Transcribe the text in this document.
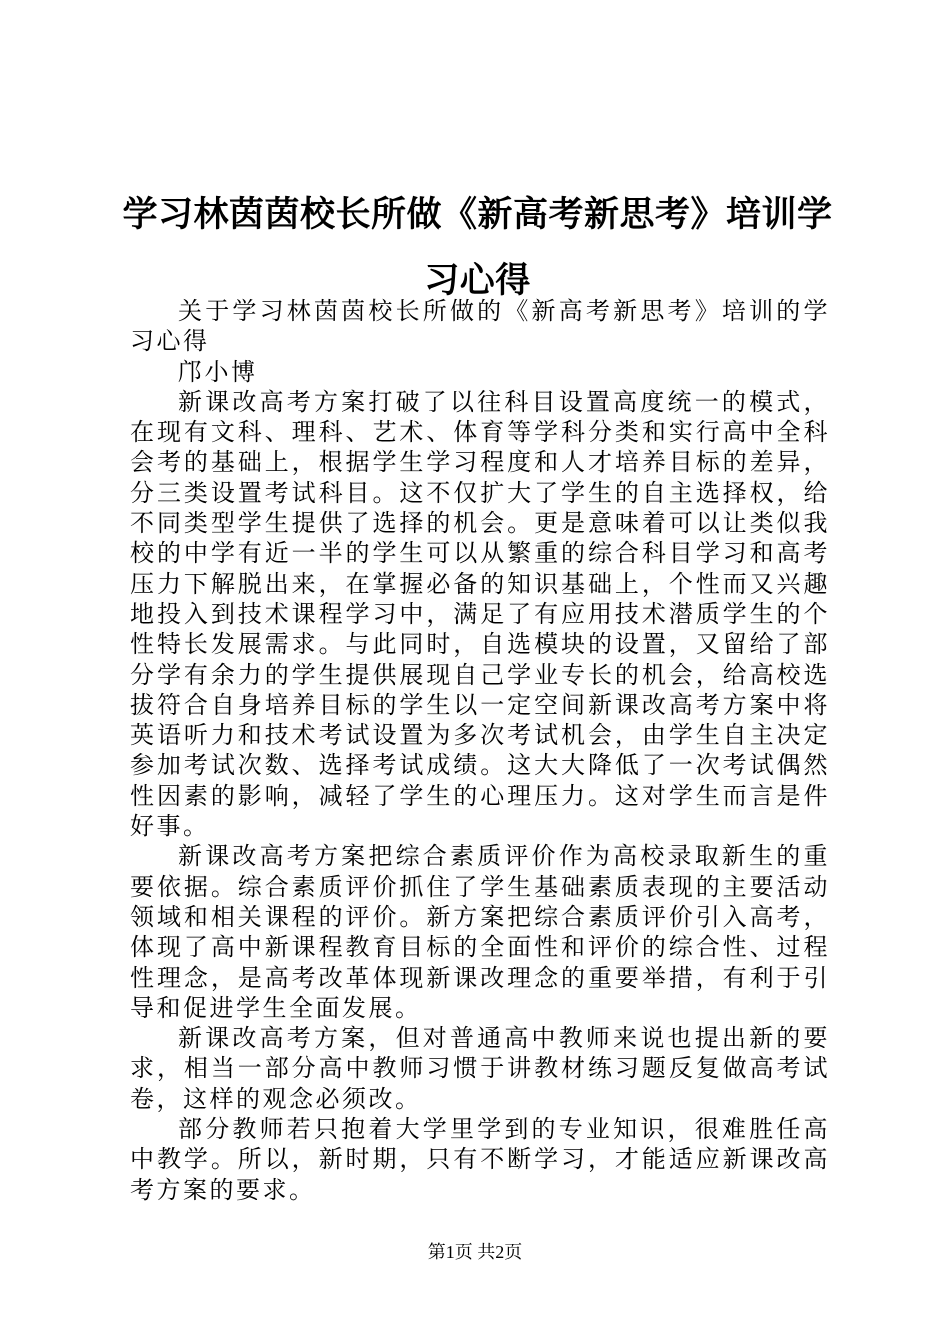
学习林茵茵校长所做《新高考新思考》培训学习心得

关于学习林茵茵校长所做的《新高考新思考》培训的学习心得

邝小博

新课改高考方案打破了以往科目设置高度统一的模式，在现有文科、理科、艺术、体育等学科分类和实行高中全科会考的基础上，根据学生学习程度和人才培养目标的差异，分三类设置考试科目。这不仅扩大了学生的自主选择权，给不同类型学生提供了选择的机会。更是意味着可以让类似我校的中学有近一半的学生可以从繁重的综合科目学习和高考压力下解脱出来，在掌握必备的知识基础上，个性而又兴趣地投入到技术课程学习中，满足了有应用技术潜质学生的个性特长发展需求。与此同时，自选模块的设置，又留给了部分学有余力的学生提供展现自己学业专长的机会，给高校选拔符合自身培养目标的学生以一定空间新课改高考方案中将英语听力和技术考试设置为多次考试机会，由学生自主决定参加考试次数、选择考试成绩。这大大降低了一次考试偶然性因素的影响，减轻了学生的心理压力。这对学生而言是件好事。

新课改高考方案把综合素质评价作为高校录取新生的重要依据。综合素质评价抓住了学生基础素质表现的主要活动领域和相关课程的评价。新方案把综合素质评价引入高考，体现了高中新课程教育目标的全面性和评价的综合性、过程性理念，是高考改革体现新课改理念的重要举措，有利于引导和促进学生全面发展。

新课改高考方案，但对普通高中教师来说也提出新的要求，相当一部分高中教师习惯于讲教材练习题反复做高考试卷，这样的观念必须改。

部分教师若只抱着大学里学到的专业知识，很难胜任高中教学。所以，新时期，只有不断学习，才能适应新课改高考方案的要求。

第1页 共2页
